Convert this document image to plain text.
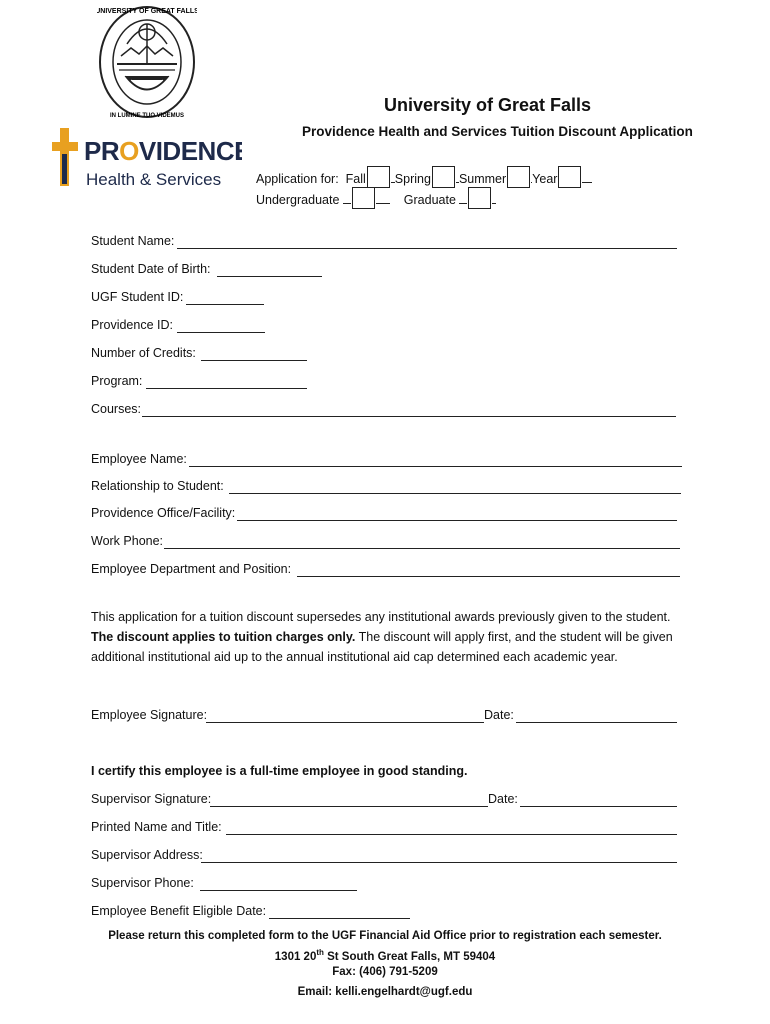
UNIVERSITY OF GREAT FALLS
IN LUMINE TUO VIDEMUS
PROVIDENCE
Health & Services
University of Great Falls
Providence Health and Services Tuition Discount Application
Application for: Fall Spring Summer Year
Undergraduate	Graduate
Student Name:
Student Date of Birth:
UGF Student ID:
Providence ID:
Number of Credits:
Program:
Courses:
Employee Name:
Relationship to Student:
Providence Office/Facility:
Work Phone:
Employee Department and Position:
This application for a tuition discount supersedes any institutional awards previously given to the student. The discount applies to tuition charges only. The discount will apply first, and the student will be given additional institutional aid up to the annual institutional aid cap determined each academic year.
Employee Signature:	Date:
I certify this employee is a full-time employee in good standing.
Supervisor Signature:	Date:
Printed Name and Title:
Supervisor Address:
Supervisor Phone:
Employee Benefit Eligible Date:
Please return this completed form to the UGF Financial Aid Office prior to registration each semester.
1301 20th St South Great Falls, MT 59404
Fax: (406) 791-5209
Email: kelli.engelhardt@ugf.edu
